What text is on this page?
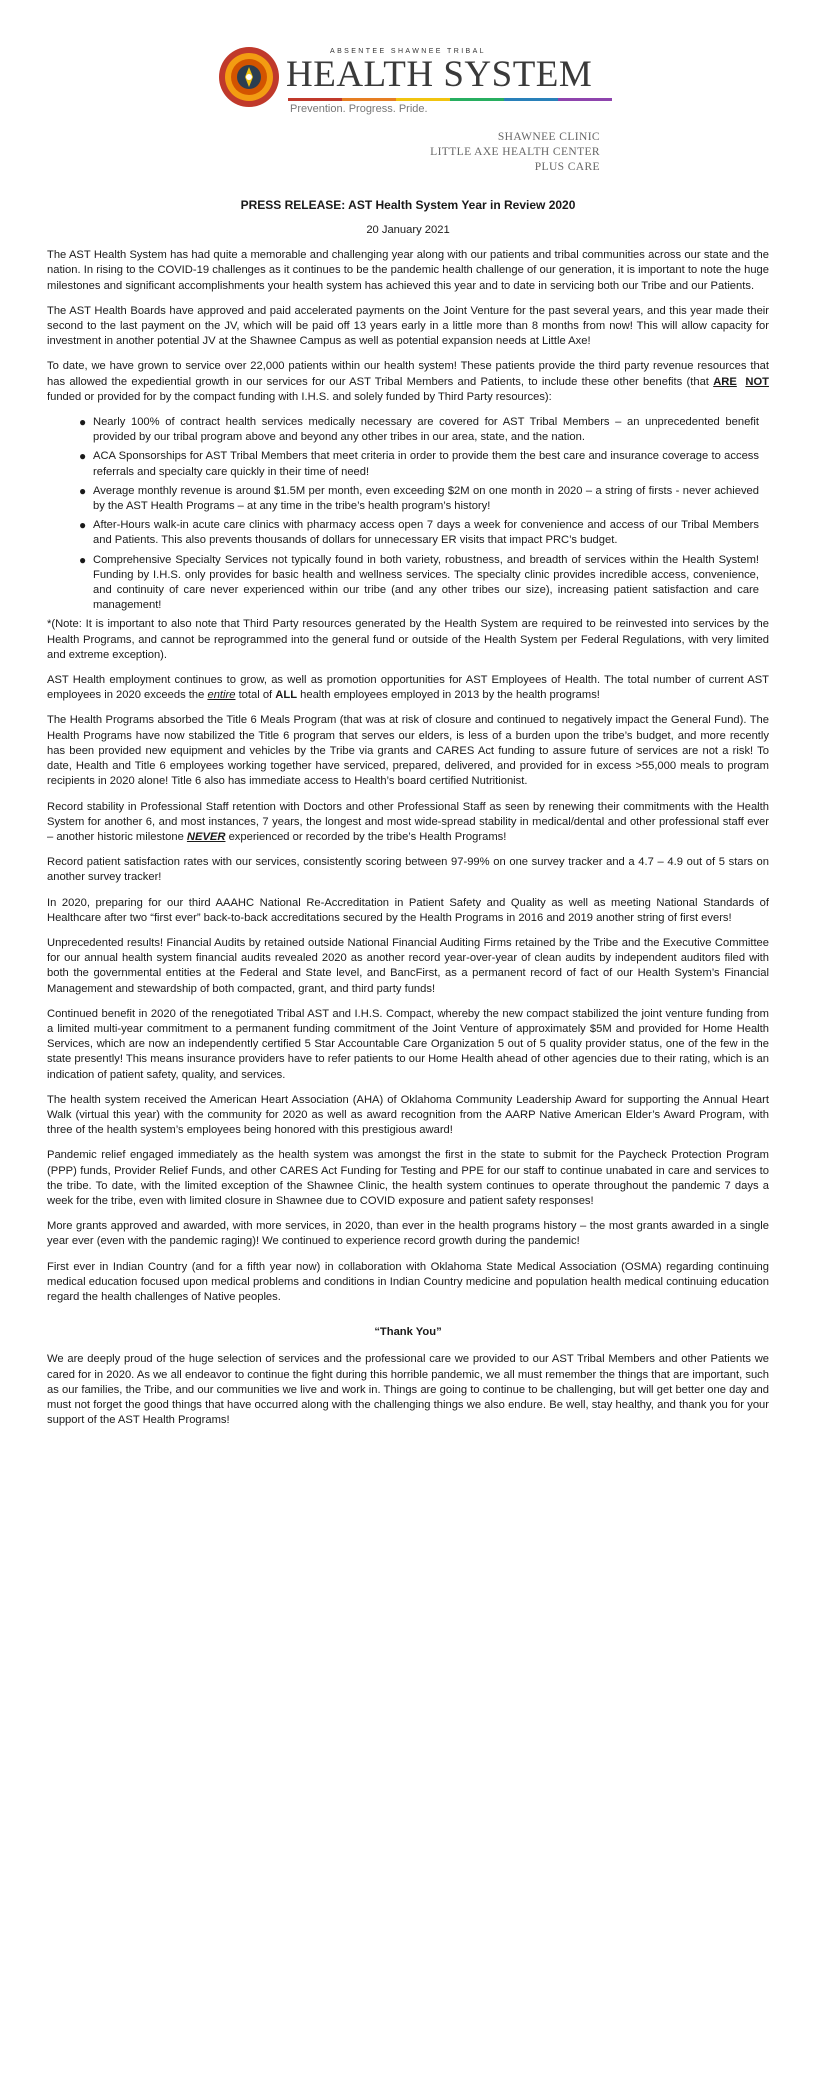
ABSENTEE SHAWNEE TRIBAL
HEALTH SYSTEM
Prevention. Progress. Pride.
SHAWNEE CLINIC
LITTLE AXE HEALTH CENTER
PLUS CARE

PRESS RELEASE: AST Health System Year in Review 2020

20 January 2021

The AST Health System has had quite a memorable and challenging year along with our patients and tribal communities across our state and the nation. In rising to the COVID-19 challenges as it continues to be the pandemic health challenge of our generation, it is important to note the huge milestones and significant accomplishments your health system has achieved this year and to date in servicing both our Tribe and our Patients.

The AST Health Boards have approved and paid accelerated payments on the Joint Venture for the past several years, and this year made their second to the last payment on the JV, which will be paid off 13 years early in a little more than 8 months from now! This will allow capacity for investment in another potential JV at the Shawnee Campus as well as potential expansion needs at Little Axe!

To date, we have grown to service over 22,000 patients within our health system! These patients provide the third party revenue resources that has allowed the expediential growth in our services for our AST Tribal Members and Patients, to include these other benefits (that ARE NOT funded or provided for by the compact funding with I.H.S. and solely funded by Third Party resources):

● Nearly 100% of contract health services medically necessary are covered for AST Tribal Members – an unprecedented benefit provided by our tribal program above and beyond any other tribes in our area, state, and the nation.
● ACA Sponsorships for AST Tribal Members that meet criteria in order to provide them the best care and insurance coverage to access referrals and specialty care quickly in their time of need!
● Average monthly revenue is around $1.5M per month, even exceeding $2M on one month in 2020 – a string of firsts - never achieved by the AST Health Programs – at any time in the tribe’s health program’s history!
● After-Hours walk-in acute care clinics with pharmacy access open 7 days a week for convenience and access of our Tribal Members and Patients. This also prevents thousands of dollars for unnecessary ER visits that impact PRC’s budget.
● Comprehensive Specialty Services not typically found in both variety, robustness, and breadth of services within the Health System! Funding by I.H.S. only provides for basic health and wellness services. The specialty clinic provides incredible access, convenience, and continuity of care never experienced within our tribe (and any other tribes our size), increasing patient satisfaction and care management!

*(Note: It is important to also note that Third Party resources generated by the Health System are required to be reinvested into services by the Health Programs, and cannot be reprogrammed into the general fund or outside of the Health System per Federal Regulations, with very limited and extreme exception).

AST Health employment continues to grow, as well as promotion opportunities for AST Employees of Health. The total number of current AST employees in 2020 exceeds the entire total of ALL health employees employed in 2013 by the health programs!

The Health Programs absorbed the Title 6 Meals Program (that was at risk of closure and continued to negatively impact the General Fund). The Health Programs have now stabilized the Title 6 program that serves our elders, is less of a burden upon the tribe’s budget, and more recently has been provided new equipment and vehicles by the Tribe via grants and CARES Act funding to assure future of services are not a risk! To date, Health and Title 6 employees working together have serviced, prepared, delivered, and provided for in excess >55,000 meals to program recipients in 2020 alone! Title 6 also has immediate access to Health’s board certified Nutritionist.

Record stability in Professional Staff retention with Doctors and other Professional Staff as seen by renewing their commitments with the Health System for another 6, and most instances, 7 years, the longest and most wide-spread stability in medical/dental and other professional staff ever – another historic milestone NEVER experienced or recorded by the tribe’s Health Programs!

Record patient satisfaction rates with our services, consistently scoring between 97-99% on one survey tracker and a 4.7 – 4.9 out of 5 stars on another survey tracker!

In 2020, preparing for our third AAAHC National Re-Accreditation in Patient Safety and Quality as well as meeting National Standards of Healthcare after two “first ever” back-to-back accreditations secured by the Health Programs in 2016 and 2019 another string of first evers!

Unprecedented results! Financial Audits by retained outside National Financial Auditing Firms retained by the Tribe and the Executive Committee for our annual health system financial audits revealed 2020 as another record year-over-year of clean audits by independent auditors filed with both the governmental entities at the Federal and State level, and BancFirst, as a permanent record of fact of our Health System’s Financial Management and stewardship of both compacted, grant, and third party funds!

Continued benefit in 2020 of the renegotiated Tribal AST and I.H.S. Compact, whereby the new compact stabilized the joint venture funding from a limited multi-year commitment to a permanent funding commitment of the Joint Venture of approximately $5M and provided for Home Health Services, which are now an independently certified 5 Star Accountable Care Organization 5 out of 5 quality provider status, one of the few in the state presently! This means insurance providers have to refer patients to our Home Health ahead of other agencies due to their rating, which is an indication of patient safety, quality, and services.

The health system received the American Heart Association (AHA) of Oklahoma Community Leadership Award for supporting the Annual Heart Walk (virtual this year) with the community for 2020 as well as award recognition from the AARP Native American Elder’s Award Program, with three of the health system’s employees being honored with this prestigious award!

Pandemic relief engaged immediately as the health system was amongst the first in the state to submit for the Paycheck Protection Program (PPP) funds, Provider Relief Funds, and other CARES Act Funding for Testing and PPE for our staff to continue unabated in care and services to the tribe. To date, with the limited exception of the Shawnee Clinic, the health system continues to operate throughout the pandemic 7 days a week for the tribe, even with limited closure in Shawnee due to COVID exposure and patient safety responses!

More grants approved and awarded, with more services, in 2020, than ever in the health programs history – the most grants awarded in a single year ever (even with the pandemic raging)! We continued to experience record growth during the pandemic!

First ever in Indian Country (and for a fifth year now) in collaboration with Oklahoma State Medical Association (OSMA) regarding continuing medical education focused upon medical problems and conditions in Indian Country medicine and population health medical continuing education regard the health challenges of Native peoples.

“Thank You”

We are deeply proud of the huge selection of services and the professional care we provided to our AST Tribal Members and other Patients we cared for in 2020. As we all endeavor to continue the fight during this horrible pandemic, we all must remember the things that are important, such as our families, the Tribe, and our communities we live and work in. Things are going to continue to be challenging, but will get better one day and must not forget the good things that have occurred along with the challenging things we also endure. Be well, stay healthy, and thank you for your support of the AST Health Programs!
